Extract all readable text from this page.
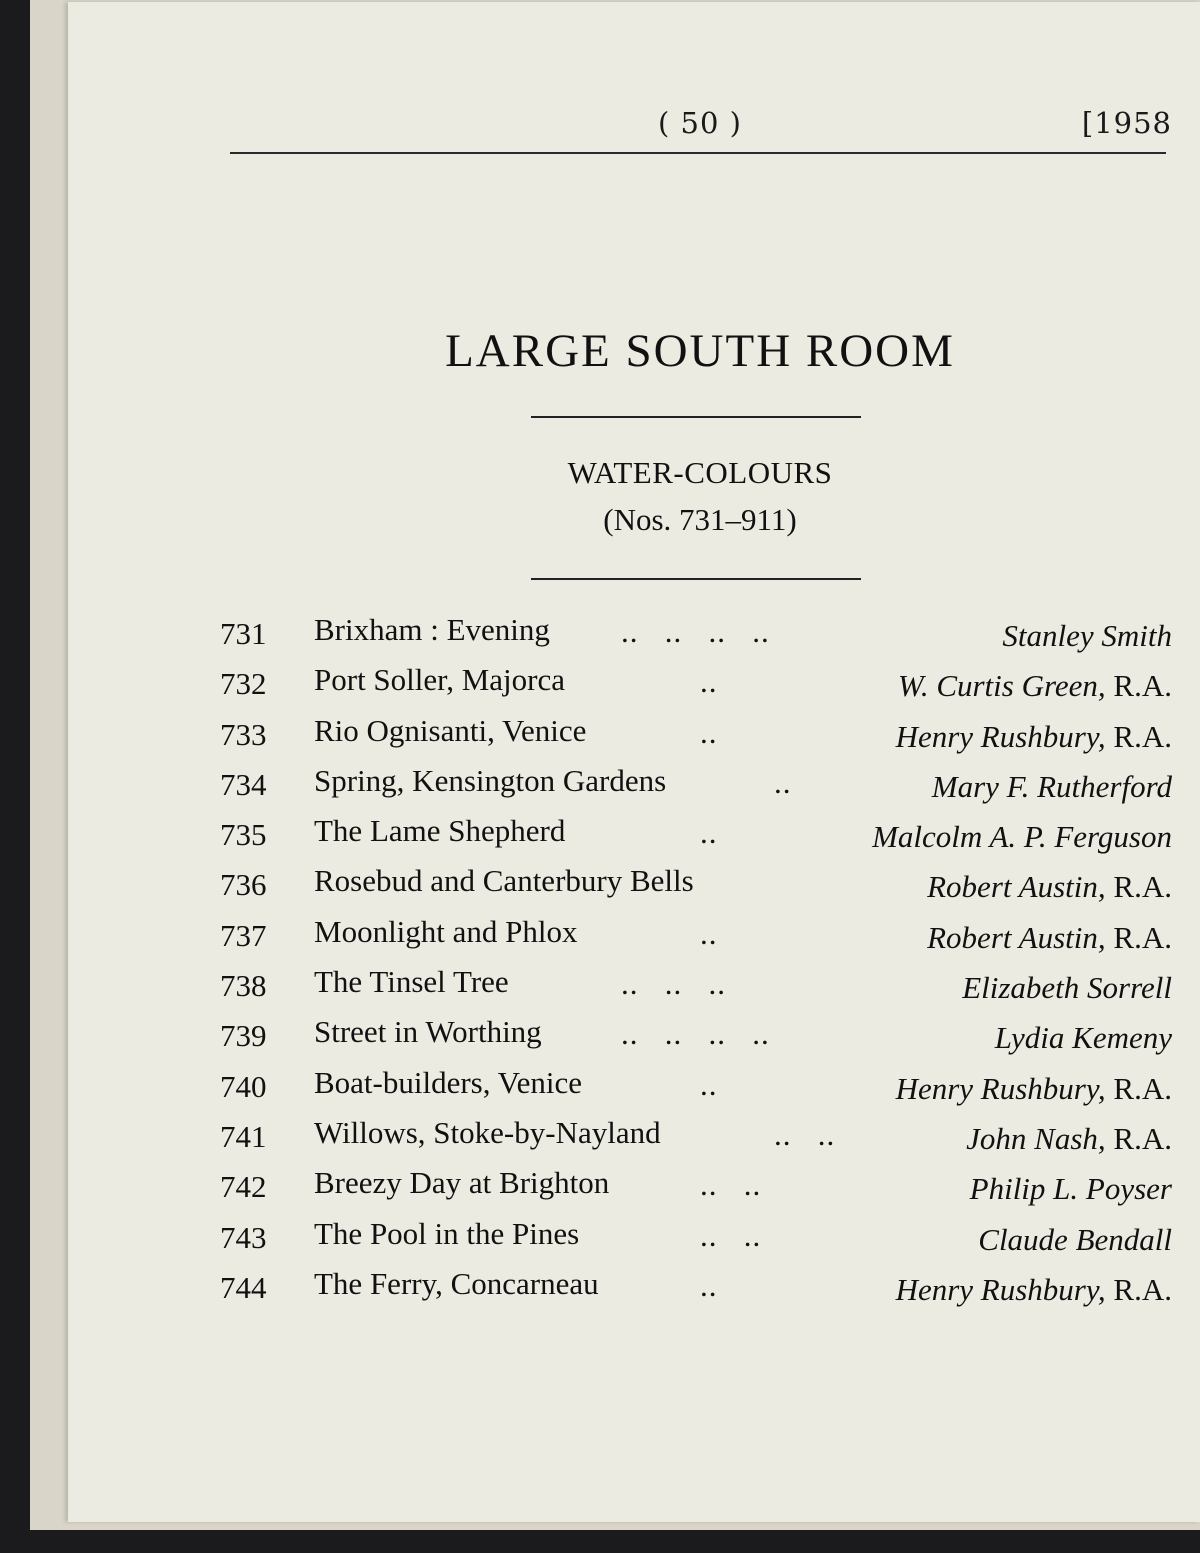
( 50 )	[1958
LARGE SOUTH ROOM
WATER-COLOURS
(Nos. 731–911)
731	Brixham : Evening ..   ..   ..   ..	Stanley Smith
732	Port Soller, Majorca	..	W. Curtis Green, R.A.
733	Rio Ognisanti, Venice	..	Henry Rushbury, R.A.
734	Spring, Kensington Gardens	..	Mary F. Rutherford
735	The Lame Shepherd	..	Malcolm A. P. Ferguson
736	Rosebud and Canterbury Bells	Robert Austin, R.A.
737	Moonlight and Phlox	..	Robert Austin, R.A.
738	The Tinsel Tree	..   ..   ..	Elizabeth Sorrell
739	Street in Worthing	..   ..   ..   ..	Lydia Kemeny
740	Boat-builders, Venice	..	Henry Rushbury, R.A.
741	Willows, Stoke-by-Nayland	..   ..	John Nash, R.A.
742	Breezy Day at Brighton	..   ..	Philip L. Poyser
743	The Pool in the Pines	..   ..	Claude Bendall
744	The Ferry, Concarneau	..	Henry Rushbury, R.A.
